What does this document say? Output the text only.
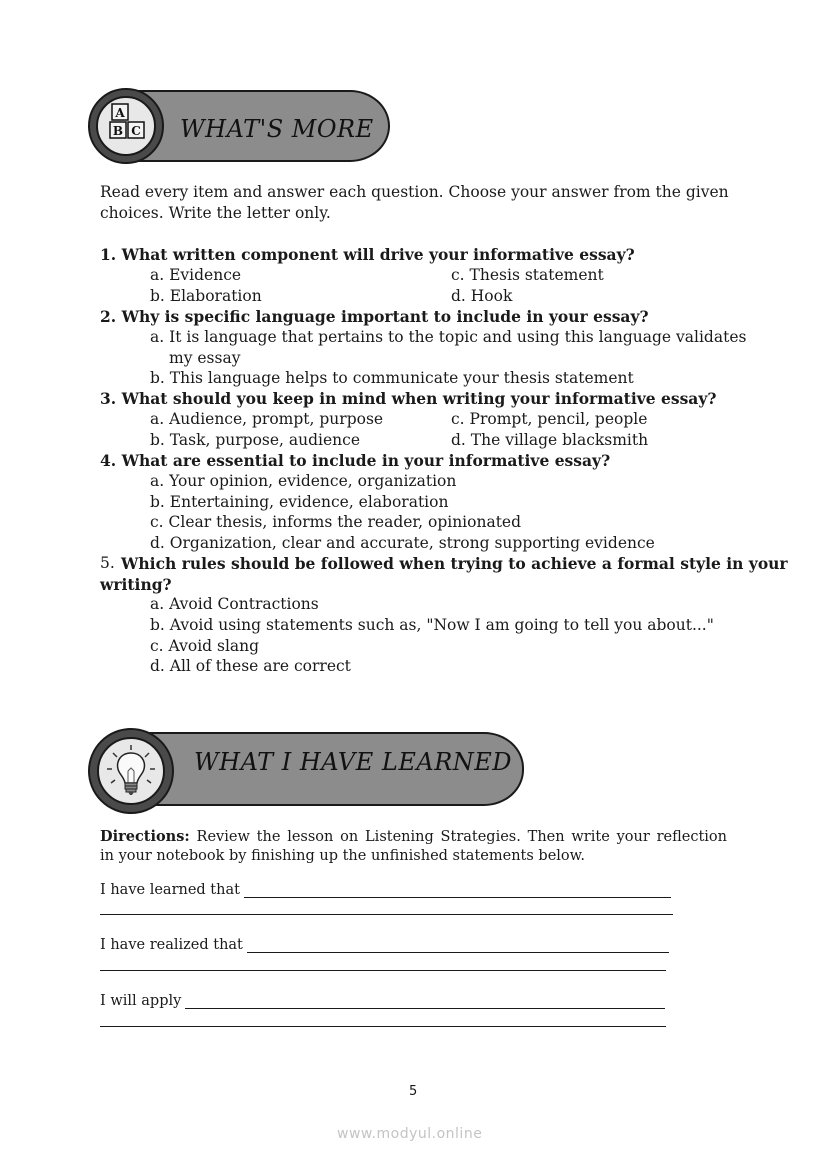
A
B C WHAT'S MORE
Read every item and answer each question. Choose your answer from the given
choices. Write the letter only.
1. What written component will drive your informative essay?
a. Evidence	c. Thesis statement
b. Elaboration	d. Hook
2. Why is specific language important to include in your essay?
a. It is language that pertains to the topic and using this language validates
my essay
b. This language helps to communicate your thesis statement
3. What should you keep in mind when writing your informative essay?
a. Audience, prompt, purpose	c. Prompt, pencil, people
b. Task, purpose, audience	d. The village blacksmith
4. What are essential to include in your informative essay?
a. Your opinion, evidence, organization
b. Entertaining, evidence, elaboration
c. Clear thesis, informs the reader, opinionated
d. Organization, clear and accurate, strong supporting evidence
5. Which rules should be followed when trying to achieve a formal style in your
writing?
a. Avoid Contractions
b. Avoid using statements such as, "Now I am going to tell you about..."
c. Avoid slang
d. All of these are correct
WHAT I HAVE LEARNED
Directions: Review the lesson on Listening Strategies. Then write your reflection
in your notebook by finishing up the unfinished statements below.
I have learned that
I have realized that
I will apply
5
www.modyul.online
